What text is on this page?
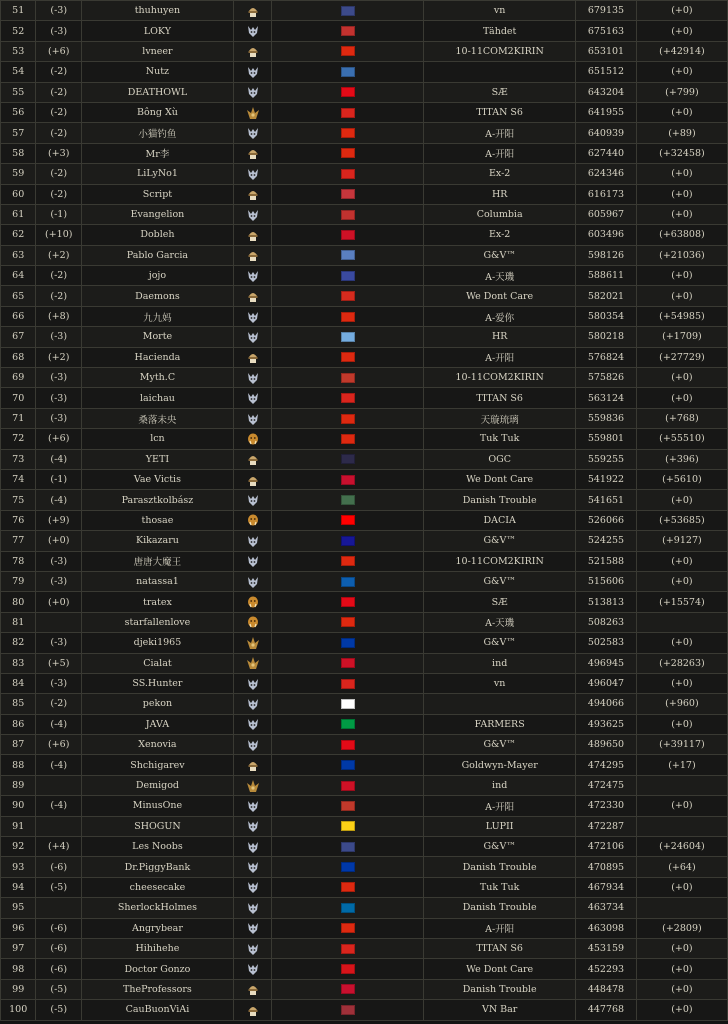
51	(-3)	thuhuyen			vn	679135	(+0)
52	(-3)	LOKY			Tähdet	675163	(+0)
53	(+6)	lvneer			10-11COM2KIRIN	653101	(+42914)
54	(-2)	Nutz				651512	(+0)
55	(-2)	DEATHOWL			SÆ	643204	(+799)
56	(-2)	Bông Xù			TITAN S6	641955	(+0)
57	(-2)	小猫钓鱼			A-开阳	640939	(+89)
58	(+3)	Mr李			A-开阳	627440	(+32458)
59	(-2)	LiLyNo1			Ex-2	624346	(+0)
60	(-2)	Script			HR	616173	(+0)
61	(-1)	Evangelion			Columbia	605967	(+0)
62	(+10)	Dobleh			Ex-2	603496	(+63808)
63	(+2)	Pablo Garcia			G&V™	598126	(+21036)
64	(-2)	jojo			A-天璣	588611	(+0)
65	(-2)	Daemons			We Dont Care	582021	(+0)
66	(+8)	九九妈			A-爱你	580354	(+54985)
67	(-3)	Morte			HR	580218	(+1709)
68	(+2)	Hacienda			A-开阳	576824	(+27729)
69	(-3)	Myth.C			10-11COM2KIRIN	575826	(+0)
70	(-3)	laichau			TITAN S6	563124	(+0)
71	(-3)	桑落未央			天璇琉璃	559836	(+768)
72	(+6)	lcn			Tuk Tuk	559801	(+55510)
73	(-4)	YETI			OGC	559255	(+396)
74	(-1)	Vae Victis			We Dont Care	541922	(+5610)
75	(-4)	Parasztkolbász			Danish Trouble	541651	(+0)
76	(+9)	thosae			DACIA	526066	(+53685)
77	(+0)	Kikazaru			G&V™	524255	(+9127)
78	(-3)	唐唐大魔王			10-11COM2KIRIN	521588	(+0)
79	(-3)	natassa1			G&V™	515606	(+0)
80	(+0)	tratex			SÆ	513813	(+15574)
81		starfallenlove			A-天璣	508263	
82	(-3)	djeki1965			G&V™	502583	(+0)
83	(+5)	Cialat			ind	496945	(+28263)
84	(-3)	SS.Hunter			vn	496047	(+0)
85	(-2)	pekon				494066	(+960)
86	(-4)	JAVA			FARMERS	493625	(+0)
87	(+6)	Xenovia			G&V™	489650	(+39117)
88	(-4)	Shchigarev			Goldwyn-Mayer	474295	(+17)
89		Demigod			ind	472475	
90	(-4)	MinusOne			A-开阳	472330	(+0)
91		SHOGUN			LUPII	472287	
92	(+4)	Les Noobs			G&V™	472106	(+24604)
93	(-6)	Dr.PiggyBank			Danish Trouble	470895	(+64)
94	(-5)	cheesecake			Tuk Tuk	467934	(+0)
95		SherlockHolmes			Danish Trouble	463734	
96	(-6)	Angrybear			A-开阳	463098	(+2809)
97	(-6)	Hihihehe			TITAN S6	453159	(+0)
98	(-6)	Doctor Gonzo			We Dont Care	452293	(+0)
99	(-5)	TheProfessors			Danish Trouble	448478	(+0)
100	(-5)	CauBuonViAi			VN Bar	447768	(+0)
